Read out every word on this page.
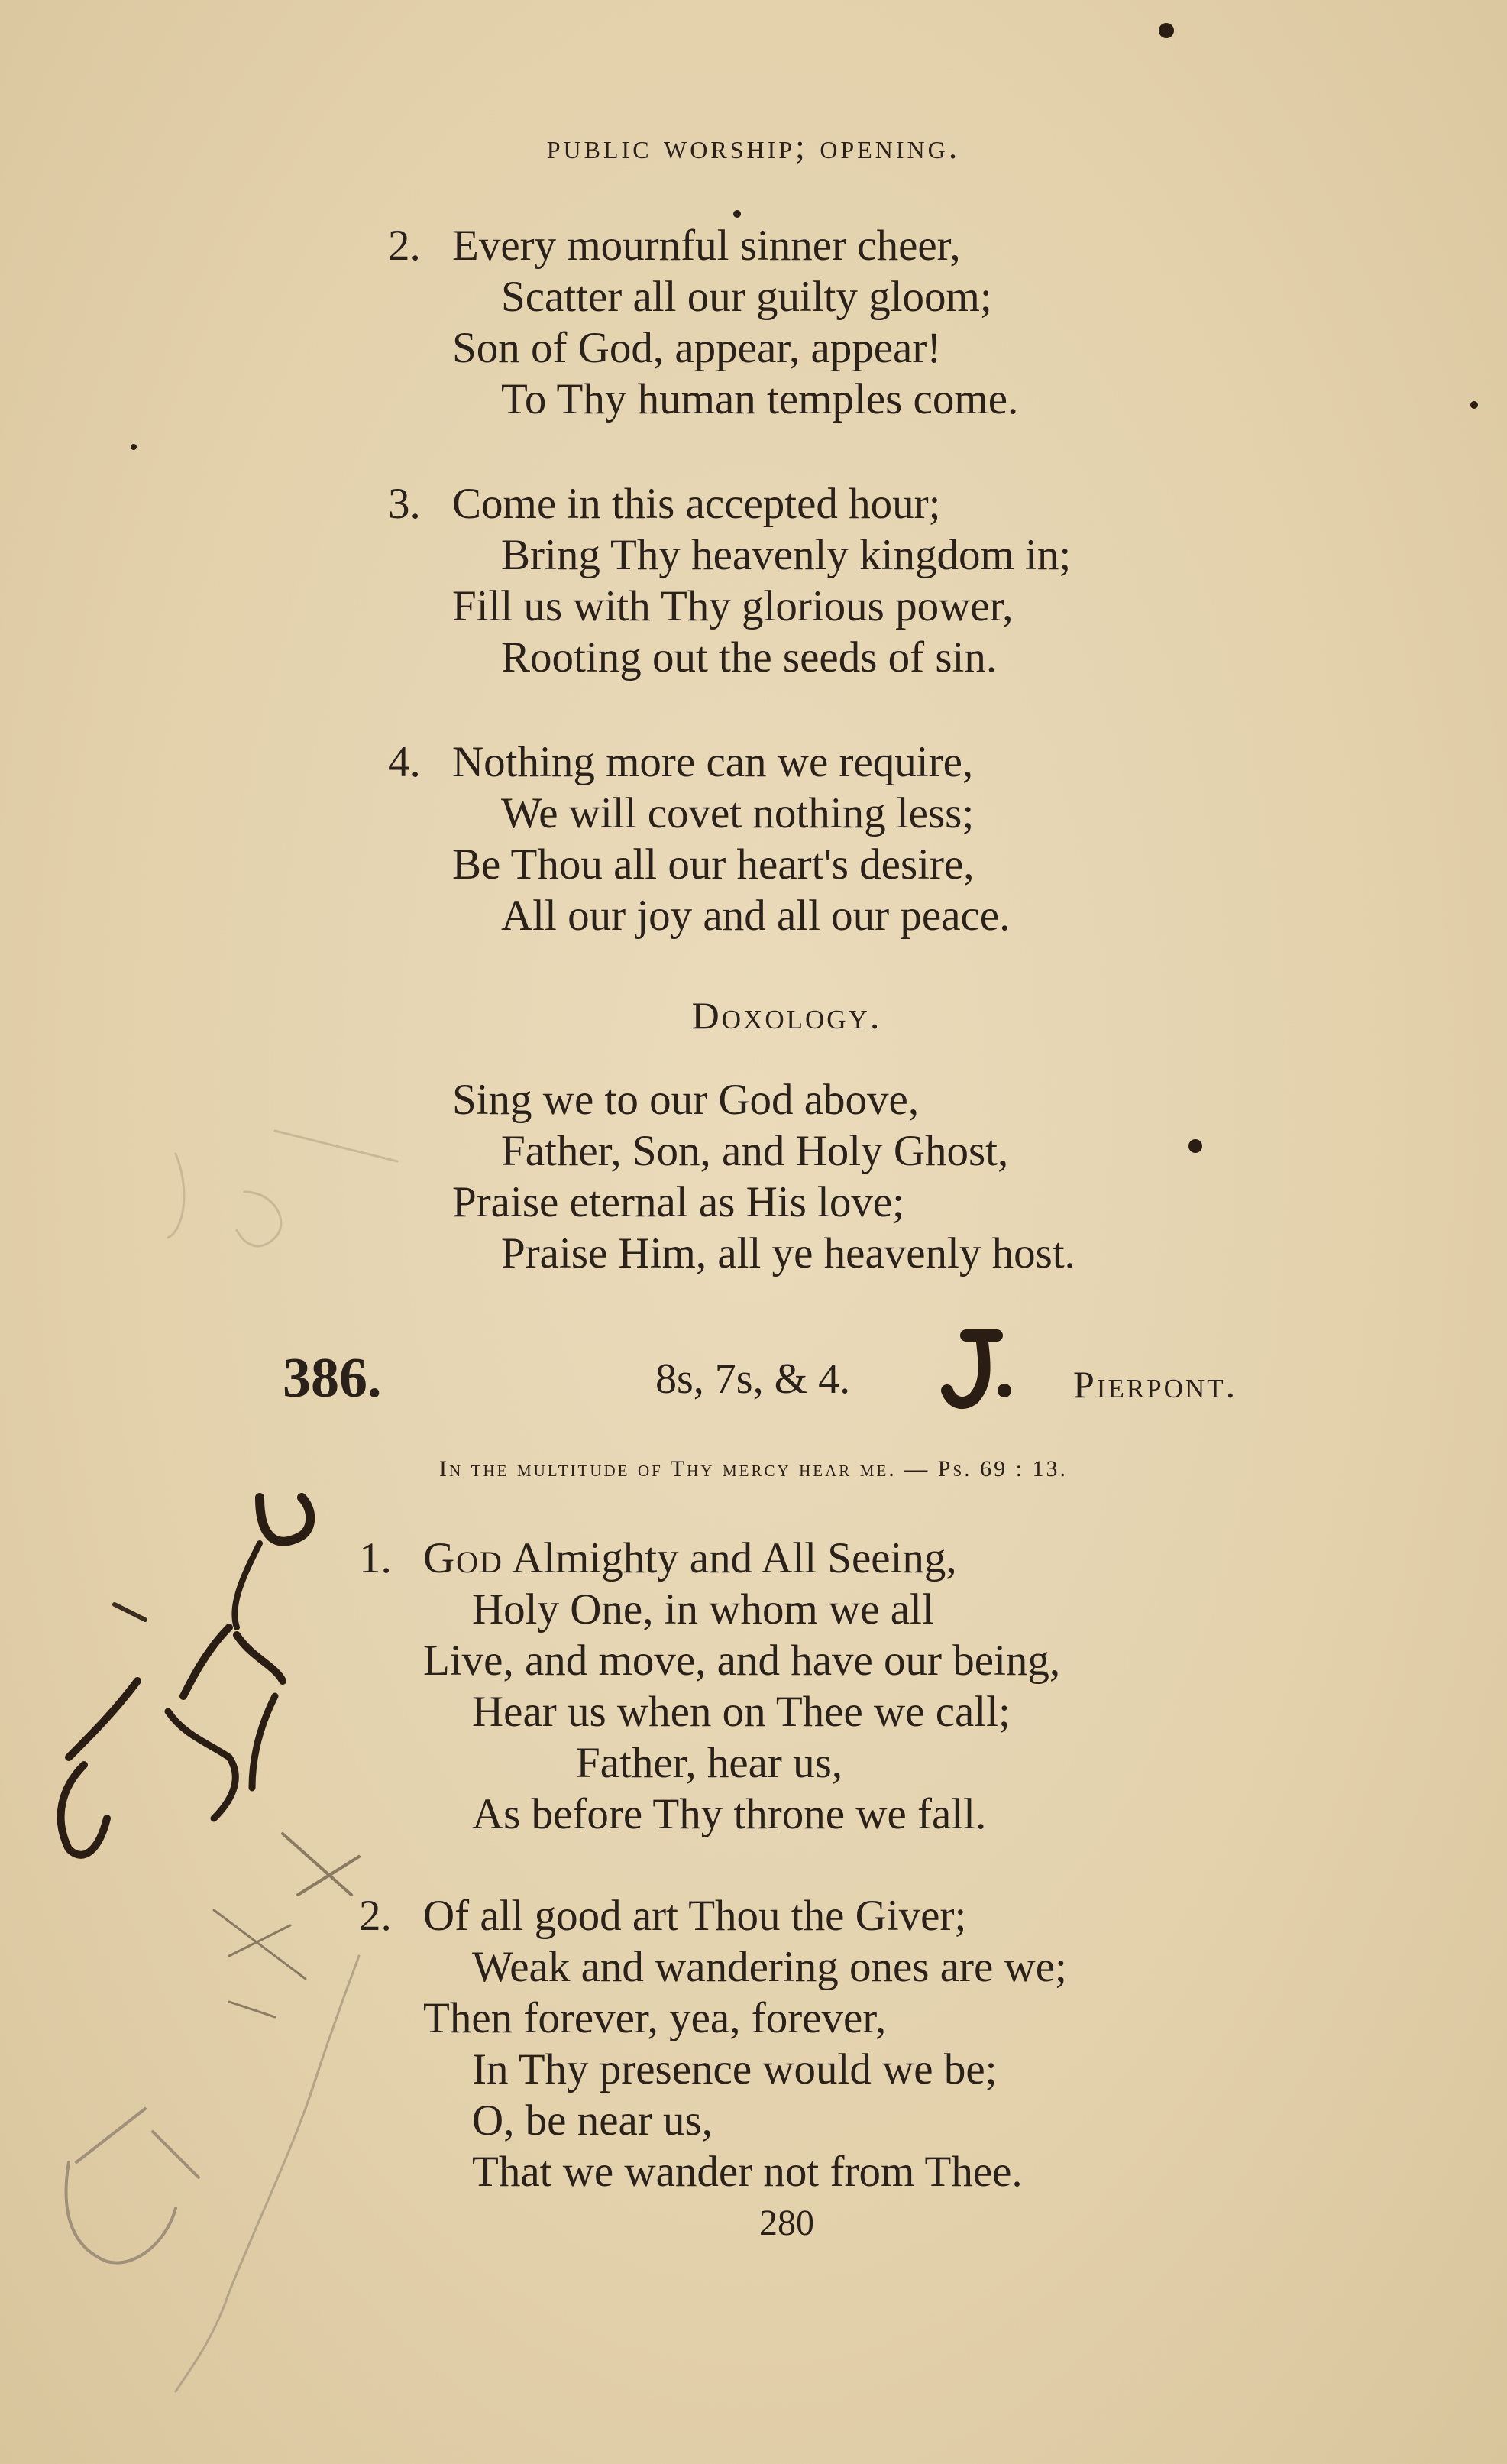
public worship; opening.
2. Every mournful sinner cheer,
Scatter all our guilty gloom;
Son of God, appear, appear!
To Thy human temples come.
3. Come in this accepted hour;
Bring Thy heavenly kingdom in;
Fill us with Thy glorious power,
Rooting out the seeds of sin.
4. Nothing more can we require,
We will covet nothing less;
Be Thou all our heart's desire,
All our joy and all our peace.
Doxology.
Sing we to our God above,
Father, Son, and Holy Ghost,
Praise eternal as His love;
Praise Him, all ye heavenly host.
386.	8s, 7s, & 4.	Pierpont.
In the multitude of Thy mercy hear me. — Ps. 69 : 13.
1. God Almighty and All Seeing,
Holy One, in whom we all
Live, and move, and have our being,
Hear us when on Thee we call;
Father, hear us,
As before Thy throne we fall.
2. Of all good art Thou the Giver;
Weak and wandering ones are we;
Then forever, yea, forever,
In Thy presence would we be;
O, be near us,
That we wander not from Thee.
280
